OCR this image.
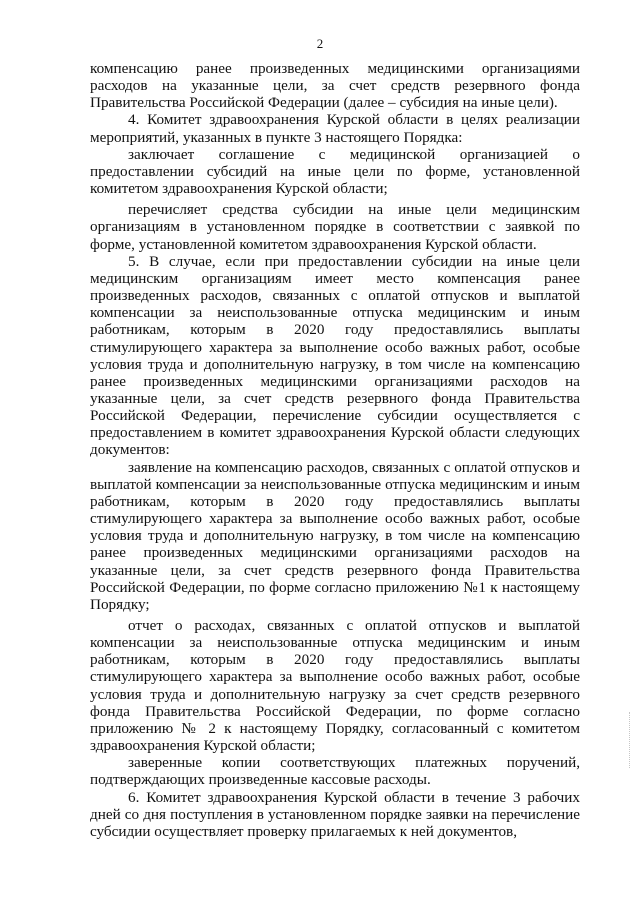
2

компенсацию ранее произведенных медицинскими организациями расходов на указанные цели, за счет средств резервного фонда Правительства Российской Федерации (далее – субсидия на иные цели).

4. Комитет здравоохранения Курской области в целях реализации мероприятий, указанных в пункте 3 настоящего Порядка:

заключает соглашение с медицинской организацией о предоставлении субсидий на иные цели по форме, установленной комитетом здравоохранения Курской области;

перечисляет средства субсидии на иные цели медицинским организациям в установленном порядке в соответствии с заявкой по форме, установленной комитетом здравоохранения Курской области.

5. В случае, если при предоставлении субсидии на иные цели медицинским организациям имеет место компенсация ранее произведенных расходов, связанных с оплатой отпусков и выплатой компенсации за неиспользованные отпуска медицинским и иным работникам, которым в 2020 году предоставлялись выплаты стимулирующего характера за выполнение особо важных работ, особые условия труда и дополнительную нагрузку, в том числе на компенсацию ранее произведенных медицинскими организациями расходов на указанные цели, за счет средств резервного фонда Правительства Российской Федерации, перечисление субсидии осуществляется с предоставлением в комитет здравоохранения Курской области следующих документов:

заявление на компенсацию расходов, связанных с оплатой отпусков и выплатой компенсации за неиспользованные отпуска медицинским и иным работникам, которым в 2020 году предоставлялись выплаты стимулирующего характера за выполнение особо важных работ, особые условия труда и дополнительную нагрузку, в том числе на компенсацию ранее произведенных медицинскими организациями расходов на указанные цели, за счет средств резервного фонда Правительства Российской Федерации, по форме согласно приложению №1 к настоящему Порядку;

отчет о расходах, связанных с оплатой отпусков и выплатой компенсации за неиспользованные отпуска медицинским и иным работникам, которым в 2020 году предоставлялись выплаты стимулирующего характера за выполнение особо важных работ, особые условия труда и дополнительную нагрузку за счет средств резервного фонда Правительства Российской Федерации, по форме согласно приложению № 2 к настоящему Порядку, согласованный с комитетом здравоохранения Курской области;

заверенные копии соответствующих платежных поручений, подтверждающих произведенные кассовые расходы.

6. Комитет здравоохранения Курской области в течение 3 рабочих дней со дня поступления в установленном порядке заявки на перечисление субсидии осуществляет проверку прилагаемых к ней документов,
